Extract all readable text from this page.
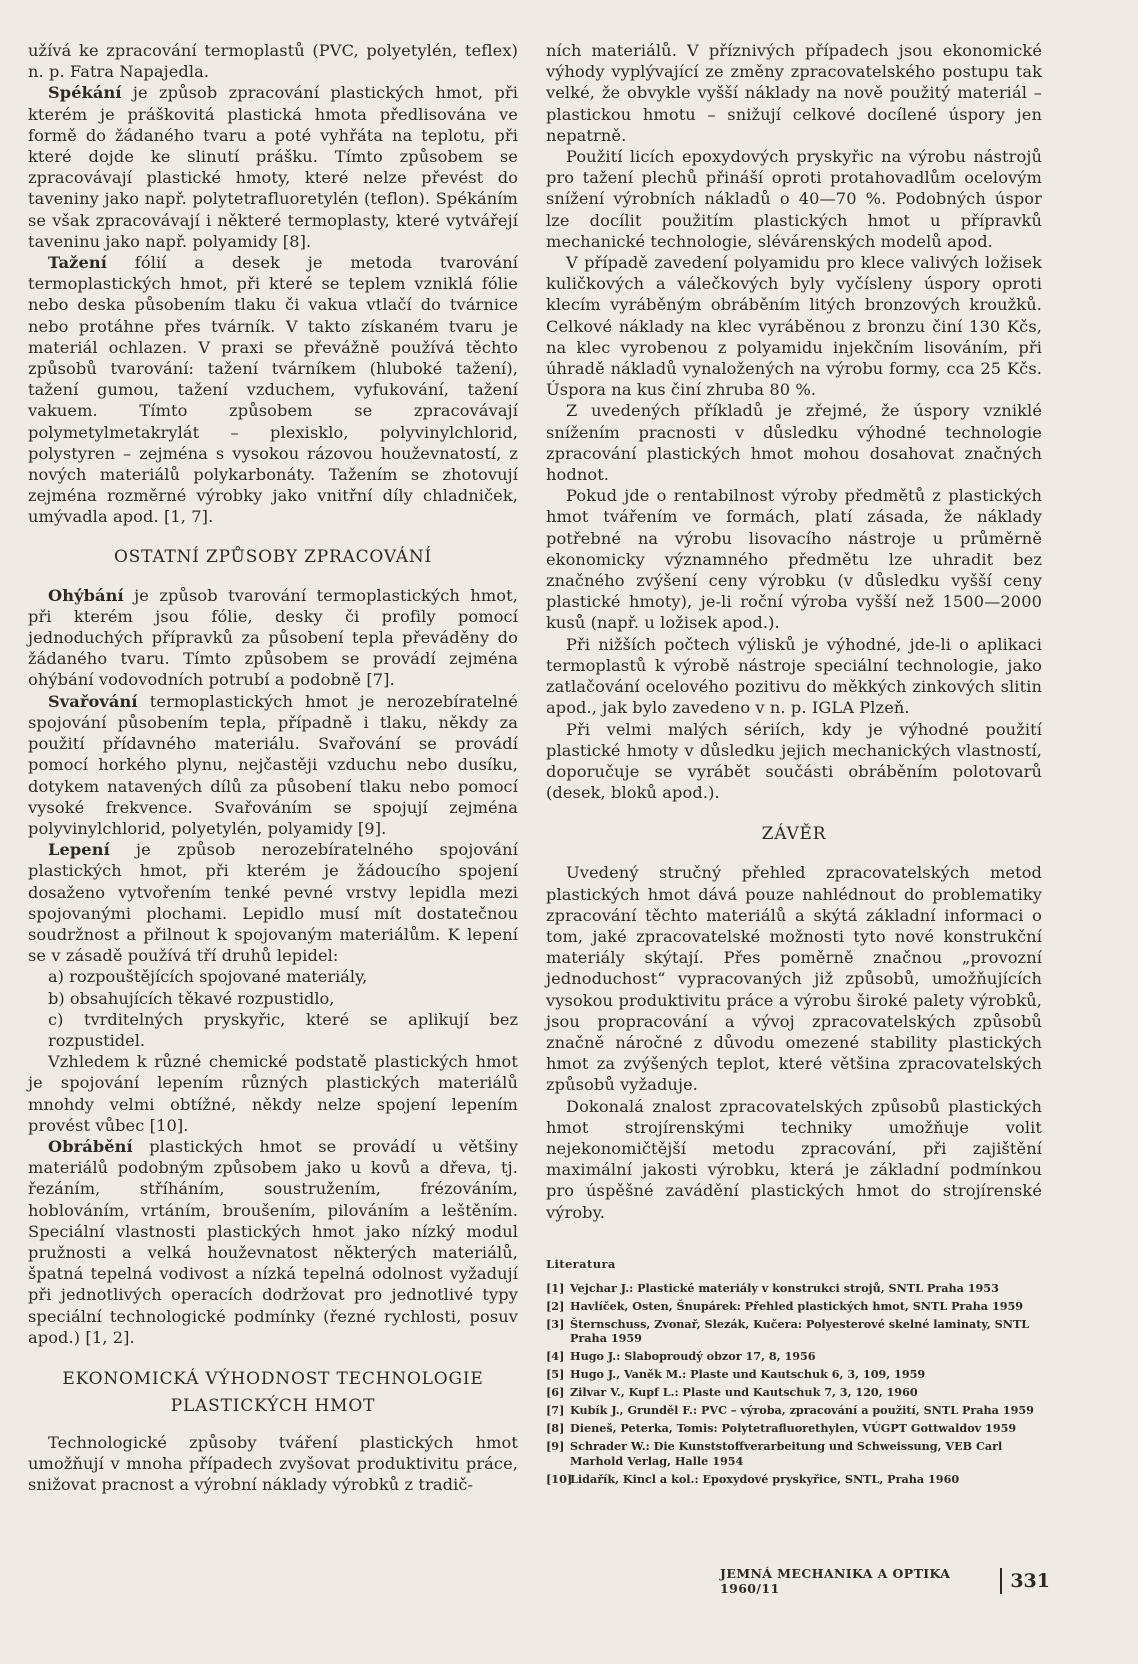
užívá ke zpracování termoplastů (PVC, polyetylén, teflex) n. p. Fatra Napajedla.

Spékání je způsob zpracování plastických hmot, při kterém je práškovitá plastická hmota předlisována ve formě do žádaného tvaru a poté vyhřáta na teplotu, při které dojde ke slinutí prášku. Tímto způsobem se zpracovávají plastické hmoty, které nelze převést do taveniny jako např. polytetrafluoretylén (teflon). Spékáním se však zpracovávají i některé termoplasty, které vytvářejí taveninu jako např. polyamidy [8].

Tažení fólií a desek je metoda tvarování termoplastických hmot, při které se teplem vzniklá fólie nebo deska působením tlaku či vakua vtlačí do tvárnice nebo protáhne přes tvárník. V takto získaném tvaru je materiál ochlazen. V praxi se převážně používá těchto způsobů tvarování: tažení tvárníkem (hluboké tažení), tažení gumou, tažení vzduchem, vyfukování, tažení vakuem. Tímto způsobem se zpracovávají polymetylmetakrylát – plexisklo, polyvinylchlorid, polystyren – zejména s vysokou rázovou houževnatostí, z nových materiálů polykarbonáty. Tažením se zhotovují zejména rozměrné výrobky jako vnitřní díly chladniček, umývadla apod. [1, 7].

OSTATNÍ ZPŮSOBY ZPRACOVÁNÍ

Ohýbání je způsob tvarování termoplastických hmot, při kterém jsou fólie, desky či profily pomocí jednoduchých přípravků za působení tepla převáděny do žádaného tvaru. Tímto způsobem se provádí zejména ohýbání vodovodních potrubí a podobně [7].

Svařování termoplastických hmot je nerozebíratelné spojování působením tepla, případně i tlaku, někdy za použití přídavného materiálu. Svařování se provádí pomocí horkého plynu, nejčastěji vzduchu nebo dusíku, dotykem natavených dílů za působení tlaku nebo pomocí vysoké frekvence. Svařováním se spojují zejména polyvinylchlorid, polyetylén, polyamidy [9].

Lepení je způsob nerozebíratelného spojování plastických hmot, při kterém je žádoucího spojení dosaženo vytvořením tenké pevné vrstvy lepidla mezi spojovanými plochami. Lepidlo musí mít dostatečnou soudržnost a přilnout k spojovaným materiálům. K lepení se v zásadě používá tří druhů lepidel:

a) rozpouštějících spojované materiály,

b) obsahujících těkavé rozpustidlo,

c) tvrditelných pryskyřic, které se aplikují bez rozpustidel.

Vzhledem k různé chemické podstatě plastických hmot je spojování lepením různých plastických materiálů mnohdy velmi obtížné, někdy nelze spojení lepením provést vůbec [10].

Obrábění plastických hmot se provádí u většiny materiálů podobným způsobem jako u kovů a dřeva, tj. řezáním, stříháním, soustružením, frézováním, hoblováním, vrtáním, broušením, pilováním a leštěním. Speciální vlastnosti plastických hmot jako nízký modul pružnosti a velká houževnatost některých materiálů, špatná tepelná vodivost a nízká tepelná odolnost vyžadují při jednotlivých operacích dodržovat pro jednotlivé typy speciální technologické podmínky (řezné rychlosti, posuv apod.) [1, 2].

EKONOMICKÁ VÝHODNOST TECHNOLOGIE
PLASTICKÝCH HMOT

Technologické způsoby tváření plastických hmot umožňují v mnoha případech zvyšovat produktivitu práce, snižovat pracnost a výrobní náklady výrobků z tradič-

ních materiálů. V příznivých případech jsou ekonomické výhody vyplývající ze změny zpracovatelského postupu tak velké, že obvykle vyšší náklady na nově použitý materiál – plastickou hmotu – snižují celkové docílené úspory jen nepatrně.

Použití licích epoxydových pryskyřic na výrobu nástrojů pro tažení plechů přináší oproti protahovadlům ocelovým snížení výrobních nákladů o 40—70 %. Podobných úspor lze docílit použitím plastických hmot u přípravků mechanické technologie, slévárenských modelů apod.

V případě zavedení polyamidu pro klece valivých ložisek kuličkových a válečkových byly vyčísleny úspory oproti klecím vyráběným obráběním litých bronzových kroužků. Celkové náklady na klec vyráběnou z bronzu činí 130 Kčs, na klec vyrobenou z polyamidu injekčním lisováním, při úhradě nákladů vynaložených na výrobu formy, cca 25 Kčs. Úspora na kus činí zhruba 80 %.

Z uvedených příkladů je zřejmé, že úspory vzniklé snížením pracnosti v důsledku výhodné technologie zpracování plastických hmot mohou dosahovat značných hodnot.

Pokud jde o rentabilnost výroby předmětů z plastických hmot tvářením ve formách, platí zásada, že náklady potřebné na výrobu lisovacího nástroje u průměrně ekonomicky významného předmětu lze uhradit bez značného zvýšení ceny výrobku (v důsledku vyšší ceny plastické hmoty), je-li roční výroba vyšší než 1500—2000 kusů (např. u ložisek apod.).

Při nižších počtech výlisků je výhodné, jde-li o aplikaci termoplastů k výrobě nástroje speciální technologie, jako zatlačování ocelového pozitivu do měkkých zinkových slitin apod., jak bylo zavedeno v n. p. IGLA Plzeň.

Při velmi malých sériích, kdy je výhodné použití plastické hmoty v důsledku jejich mechanických vlastností, doporučuje se vyrábět součásti obráběním polotovarů (desek, bloků apod.).

ZÁVĚR

Uvedený stručný přehled zpracovatelských metod plastických hmot dává pouze nahlédnout do problematiky zpracování těchto materiálů a skýtá základní informaci o tom, jaké zpracovatelské možnosti tyto nové konstrukční materiály skýtají. Přes poměrně značnou „provozní jednoduchost“ vypracovaných již způsobů, umožňujících vysokou produktivitu práce a výrobu široké palety výrobků, jsou propracování a vývoj zpracovatelských způsobů značně náročné z důvodu omezené stability plastických hmot za zvýšených teplot, které většina zpracovatelských způsobů vyžaduje.

Dokonalá znalost zpracovatelských způsobů plastických hmot strojírenskými techniky umožňuje volit nejekonomičtější metodu zpracování, při zajištění maximální jakosti výrobku, která je základní podmínkou pro úspěšné zavádění plastických hmot do strojírenské výroby.

Literatura

[1] Vejchar J.: Plastické materiály v konstrukci strojů, SNTL Praha 1953
[2] Havlíček, Osten, Šnupárek: Přehled plastických hmot, SNTL Praha 1959
[3] Šternschuss, Zvonař, Slezák, Kučera: Polyesterové skelné laminaty, SNTL Praha 1959
[4] Hugo J.: Slaboproudý obzor 17, 8, 1956
[5] Hugo J., Vaněk M.: Plaste und Kautschuk 6, 3, 109, 1959
[6] Zilvar V., Kupf L.: Plaste und Kautschuk 7, 3, 120, 1960
[7] Kubík J., Grunděl F.: PVC – výroba, zpracování a použití, SNTL Praha 1959
[8] Dieneš, Peterka, Tomis: Polytetrafluorethylen, VÚGPT Gottwaldov 1959
[9] Schrader W.: Die Kunststoffverarbeitung und Schweissung, VEB Carl Marhold Verlag, Halle 1954
[10]
Lidařík, Kincl a kol.: Epoxydové pryskyřice, SNTL, Praha 1960
JEMNÁ MECHANIKA A OPTIKA 1960/11	331
